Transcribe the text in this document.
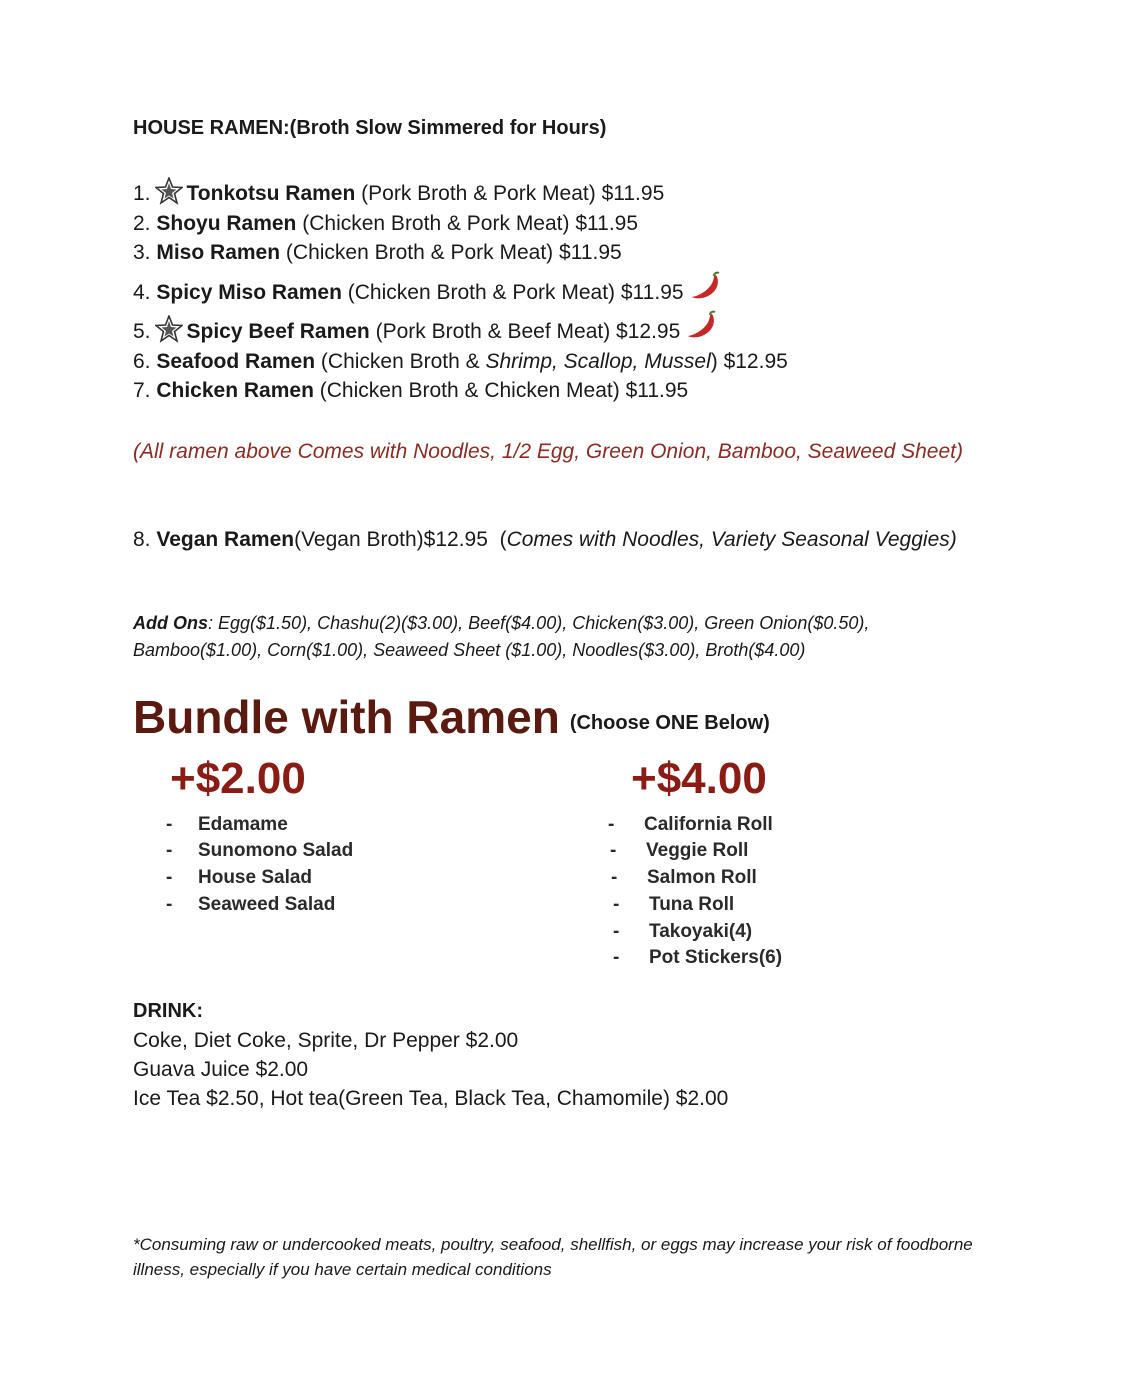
HOUSE RAMEN:(Broth Slow Simmered for Hours)
1. Tonkotsu Ramen
(Pork Broth & Pork Meat)
$11.95
2.
Shoyu Ramen
(Chicken Broth & Pork Meat)
$11.95
3.
Miso Ramen
(Chicken Broth & Pork Meat)
$11.95
4.
Spicy Miso Ramen
(Chicken Broth & Pork Meat)
$11.95
5. Spicy Beef Ramen
(Pork Broth & Beef Meat)
$12.95
6.
Seafood Ramen
(Chicken Broth & Shrimp, Scallop, Mussel )
$12.95
7.
Chicken Ramen
(Chicken Broth & Chicken Meat)
$11.95
(All ramen above Comes with Noodles, 1/2 Egg, Green Onion, Bamboo, Seaweed Sheet)
8. Vegan Ramen(Vegan Broth)$12.95 (Comes with Noodles, Variety Seasonal Veggies)
Add Ons: Egg($1.50), Chashu(2)($3.00), Beef($4.00), Chicken($3.00), Green Onion($0.50), Bamboo($1.00), Corn($1.00), Seaweed Sheet ($1.00), Noodles($3.00), Broth($4.00)
Bundle with Ramen (Choose ONE Below)
+$2.00	+$4.00
- Edamame
- Sunomono Salad
- House Salad
- Seaweed Salad
- California Roll
- Veggie Roll
- Salmon Roll
- Tuna Roll
- Takoyaki(4)
- Pot Stickers(6)
DRINK:
Coke, Diet Coke, Sprite, Dr Pepper $2.00
Guava Juice $2.00
Ice Tea $2.50, Hot tea(Green Tea, Black Tea, Chamomile) $2.00
*Consuming raw or undercooked meats, poultry, seafood, shellfish, or eggs may increase your risk of foodborne illness, especially if you have certain medical conditions
